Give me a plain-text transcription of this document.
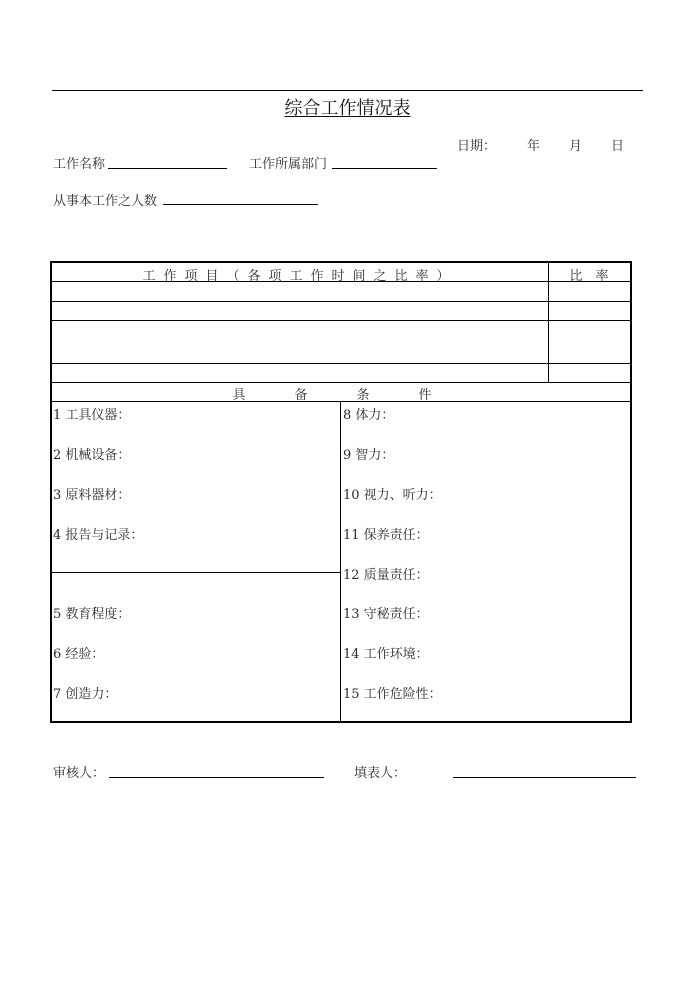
综合工作情况表
日期： 年 月 日
工作名称	工作所属部门
从事本工作之人数
工作项目（各项工作时间之比率）	比　率
具　备　条　件
1 工具仪器：
2 机械设备：
3 原料器材：
4 报告与记录：
5 教育程度：
6 经验：
7 创造力：
8 体力：
9 智力：
10 视力、听力：
11 保养责任：
12 质量责任：
13 守秘责任：
14 工作环境：
15 工作危险性：
审核人：	填表人：
